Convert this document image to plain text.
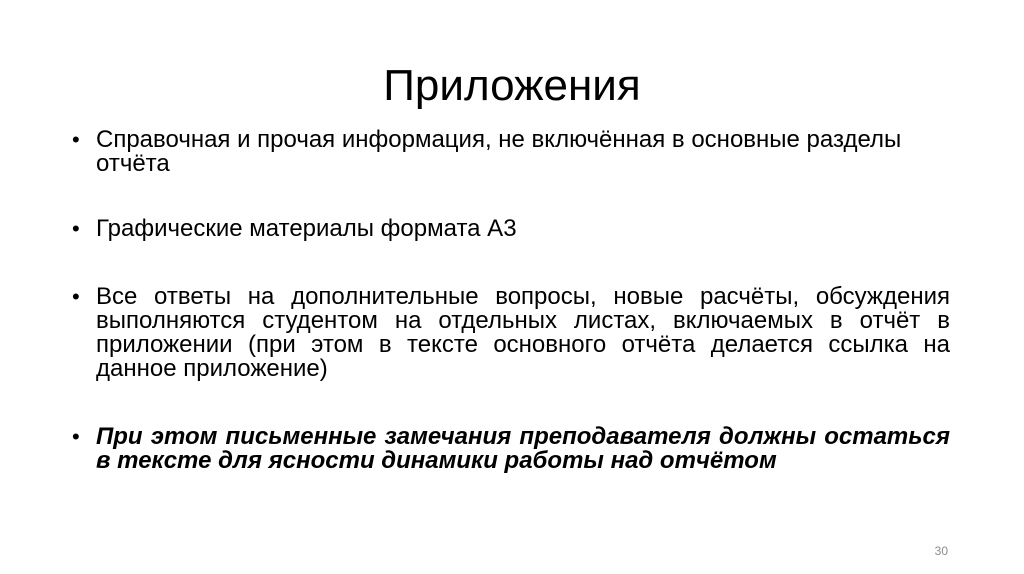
Приложения
• Справочная и прочая информация, не включённая в основные разделы отчёта
• Графические материалы формата А3
• Все ответы на дополнительные вопросы, новые расчёты, обсуждения выполняются студентом на отдельных листах, включаемых в отчёт в приложении (при этом в тексте основного отчёта делается ссылка на данное приложение)
• При этом письменные замечания преподавателя должны остаться в тексте для ясности динамики работы над отчётом
30
